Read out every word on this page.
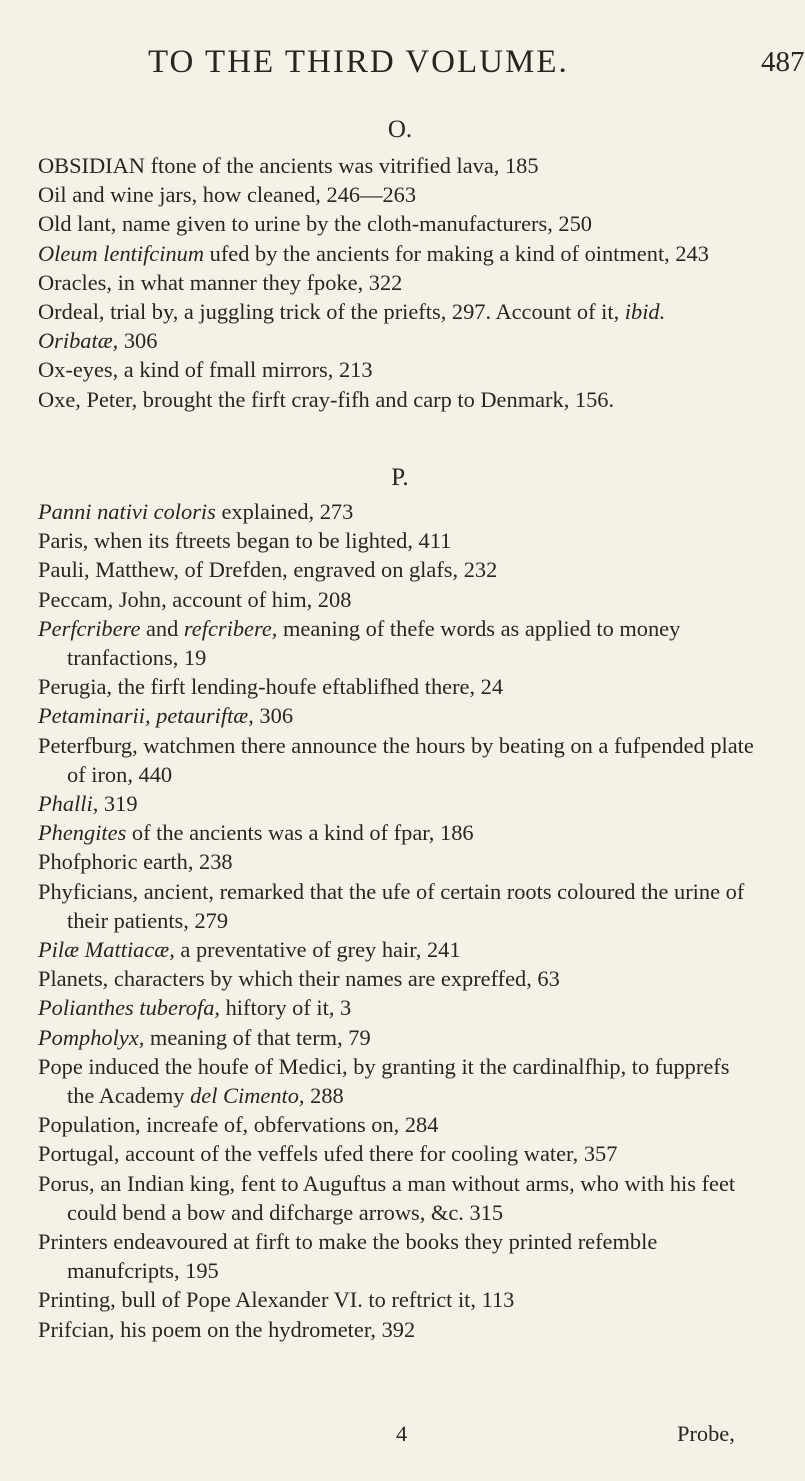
TO THE THIRD VOLUME.	487
O.
OBSIDIAN ftone of the ancients was vitrified lava, 185
Oil and wine jars, how cleaned, 246—263
Old lant, name given to urine by the cloth-manufacturers, 250
Oleum lentifcinum ufed by the ancients for making a kind of ointment, 243
Oracles, in what manner they fpoke, 322
Ordeal, trial by, a juggling trick of the priefts, 297. Account of it, ibid.
Oribatæ, 306
Ox-eyes, a kind of fmall mirrors, 213
Oxe, Peter, brought the firft cray-fifh and carp to Denmark, 156.
P.
Panni nativi coloris explained, 273
Paris, when its ftreets began to be lighted, 411
Pauli, Matthew, of Drefden, engraved on glafs, 232
Peccam, John, account of him, 208
Perfcribere and refcribere, meaning of thefe words as applied to money tranfactions, 19
Perugia, the firft lending-houfe eftablifhed there, 24
Petaminarii, petauriftæ, 306
Peterfburg, watchmen there announce the hours by beating on a fufpended plate of iron, 440
Phalli, 319
Phengites of the ancients was a kind of fpar, 186
Phofphoric earth, 238
Phyficians, ancient, remarked that the ufe of certain roots coloured the urine of their patients, 279
Pilæ Mattiacæ, a preventative of grey hair, 241
Planets, characters by which their names are expreffed, 63
Polianthes tuberofa, hiftory of it, 3
Pompholyx, meaning of that term, 79
Pope induced the houfe of Medici, by granting it the cardinalfhip, to fupprefs the Academy del Cimento, 288
Population, increafe of, obfervations on, 284
Portugal, account of the veffels ufed there for cooling water, 357
Porus, an Indian king, fent to Auguftus a man without arms, who with his feet could bend a bow and difcharge arrows, &c. 315
Printers endeavoured at firft to make the books they printed refemble manufcripts, 195
Printing, bull of Pope Alexander VI. to reftrict it, 113
Prifcian, his poem on the hydrometer, 392
4	Probe,
